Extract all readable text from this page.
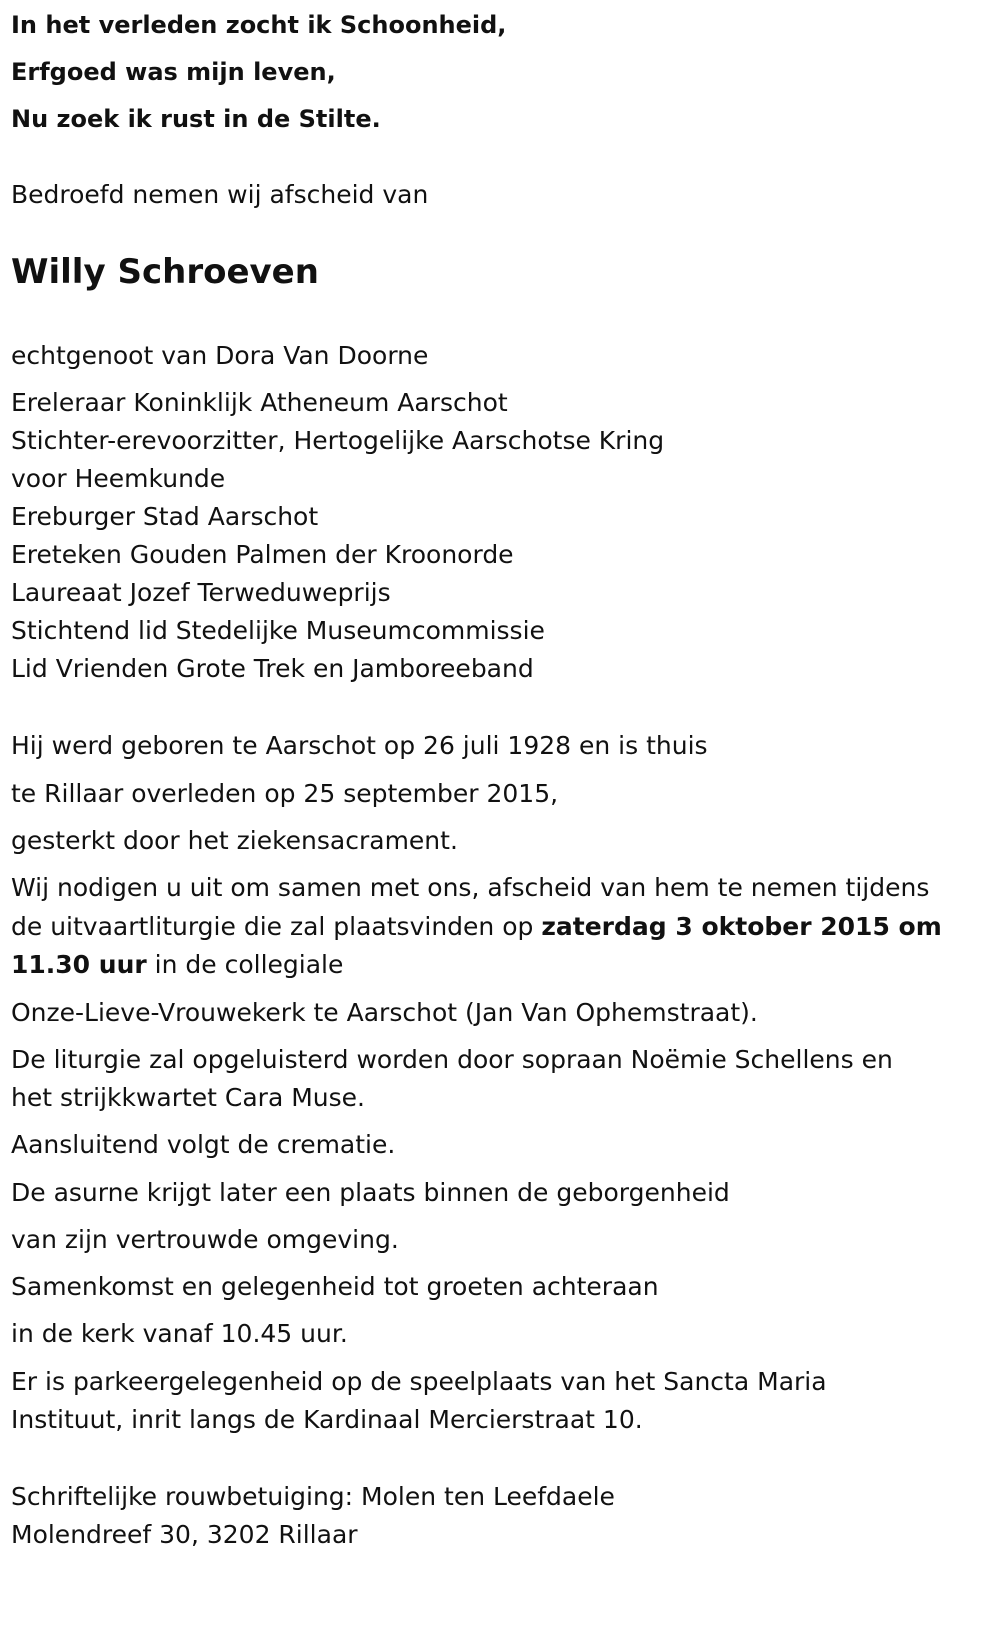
In het verleden zocht ik Schoonheid,

Erfgoed was mijn leven,

Nu zoek ik rust in de Stilte.

Bedroefd nemen wij afscheid van

Willy Schroeven

echtgenoot van Dora Van Doorne

Ereleraar Koninklijk Atheneum Aarschot

Stichter-erevoorzitter, Hertogelijke Aarschotse Kring

voor Heemkunde

Ereburger Stad Aarschot

Ereteken Gouden Palmen der Kroonorde

Laureaat Jozef Terweduweprijs

Stichtend lid Stedelijke Museumcommissie

Lid Vrienden Grote Trek en Jamboreeband

Hij werd geboren te Aarschot op 26 juli 1928 en is thuis

te Rillaar overleden op 25 september 2015,

gesterkt door het ziekensacrament.

Wij nodigen u uit om samen met ons, afscheid van hem te nemen tijdens

de uitvaartliturgie die zal plaatsvinden op zaterdag 3 oktober 2015 om

11.30 uur in de collegiale

Onze-Lieve-Vrouwekerk te Aarschot (Jan Van Ophemstraat).

De liturgie zal opgeluisterd worden door sopraan Noëmie Schellens en

het strijkkwartet Cara Muse.

Aansluitend volgt de crematie.

De asurne krijgt later een plaats binnen de geborgenheid

van zijn vertrouwde omgeving.

Samenkomst en gelegenheid tot groeten achteraan

in de kerk vanaf 10.45 uur.

Er is parkeergelegenheid op de speelplaats van het Sancta Maria

Instituut, inrit langs de Kardinaal Mercierstraat 10.

Schriftelijke rouwbetuiging: Molen ten Leefdaele

Molendreef 30, 3202 Rillaar
